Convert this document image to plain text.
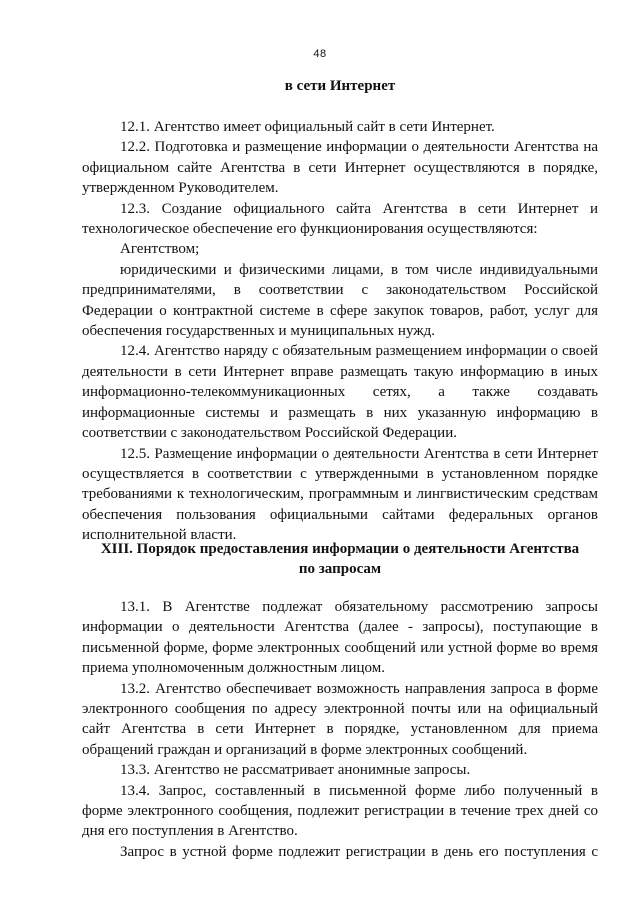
48
в сети Интернет

12.1. Агентство имеет официальный сайт в сети Интернет.

12.2. Подготовка и размещение информации о деятельности Агентства на официальном сайте Агентства в сети Интернет осуществляются в порядке, утвержденном Руководителем.

12.3. Создание официального сайта Агентства в сети Интернет и технологическое обеспечение его функционирования осуществляются:

Агентством;

юридическими и физическими лицами, в том числе индивидуальными предпринимателями, в соответствии с законодательством Российской Федерации о контрактной системе в сфере закупок товаров, работ, услуг для обеспечения государственных и муниципальных нужд.

12.4. Агентство наряду с обязательным размещением информации о своей деятельности в сети Интернет вправе размещать такую информацию в иных информационно-телекоммуникационных сетях, а также создавать информационные системы и размещать в них указанную информацию в соответствии с законодательством Российской Федерации.

12.5. Размещение информации о деятельности Агентства в сети Интернет осуществляется в соответствии с утвержденными в установленном порядке требованиями к технологическим, программным и лингвистическим средствам обеспечения пользования официальными сайтами федеральных органов исполнительной власти.

XIII. Порядок предоставления информации о деятельности Агентства
по запросам

13.1. В Агентстве подлежат обязательному рассмотрению запросы информации о деятельности Агентства (далее - запросы), поступающие в письменной форме, форме электронных сообщений или устной форме во время приема уполномоченным должностным лицом.

13.2. Агентство обеспечивает возможность направления запроса в форме электронного сообщения по адресу электронной почты или на официальный сайт Агентства в сети Интернет в порядке, установленном для приема обращений граждан и организаций в форме электронных сообщений.

13.3. Агентство не рассматривает анонимные запросы.

13.4. Запрос, составленный в письменной форме либо полученный в форме электронного сообщения, подлежит регистрации в течение трех дней со дня его поступления в Агентство.

Запрос в устной форме подлежит регистрации в день его поступления с
